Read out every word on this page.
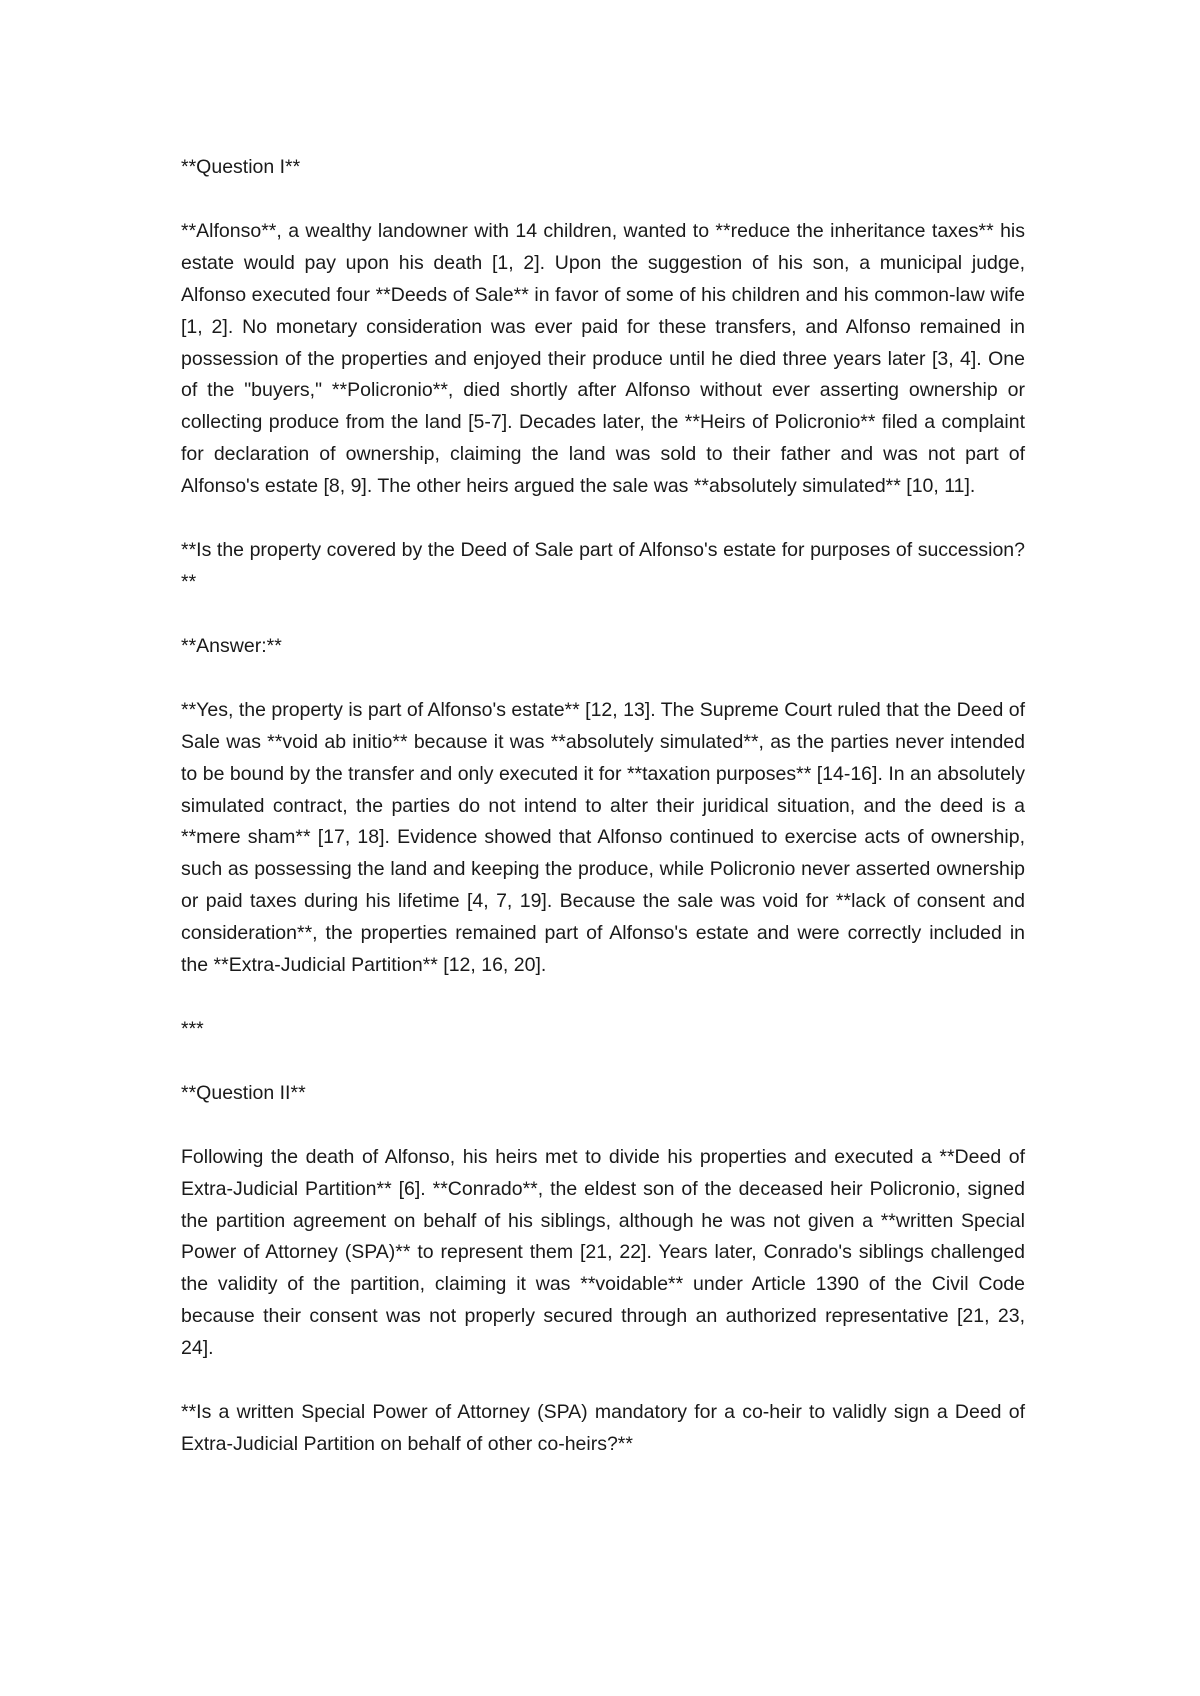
**Question I**

**Alfonso**, a wealthy landowner with 14 children, wanted to **reduce the inheritance taxes** his estate would pay upon his death [1, 2]. Upon the suggestion of his son, a municipal judge, Alfonso executed four **Deeds of Sale** in favor of some of his children and his common-law wife [1, 2]. No monetary consideration was ever paid for these transfers, and Alfonso remained in possession of the properties and enjoyed their produce until he died three years later [3, 4]. One of the "buyers," **Policronio**, died shortly after Alfonso without ever asserting ownership or collecting produce from the land [5-7]. Decades later, the **Heirs of Policronio** filed a complaint for declaration of ownership, claiming the land was sold to their father and was not part of Alfonso's estate [8, 9]. The other heirs argued the sale was **absolutely simulated** [10, 11].

**Is the property covered by the Deed of Sale part of Alfonso's estate for purposes of succession?**

**Answer:**

**Yes, the property is part of Alfonso's estate** [12, 13]. The Supreme Court ruled that the Deed of Sale was **void ab initio** because it was **absolutely simulated**, as the parties never intended to be bound by the transfer and only executed it for **taxation purposes** [14-16]. In an absolutely simulated contract, the parties do not intend to alter their juridical situation, and the deed is a **mere sham** [17, 18]. Evidence showed that Alfonso continued to exercise acts of ownership, such as possessing the land and keeping the produce, while Policronio never asserted ownership or paid taxes during his lifetime [4, 7, 19]. Because the sale was void for **lack of consent and consideration**, the properties remained part of Alfonso's estate and were correctly included in the **Extra-Judicial Partition** [12, 16, 20].

***

**Question II**

Following the death of Alfonso, his heirs met to divide his properties and executed a **Deed of Extra-Judicial Partition** [6]. **Conrado**, the eldest son of the deceased heir Policronio, signed the partition agreement on behalf of his siblings, although he was not given a **written Special Power of Attorney (SPA)** to represent them [21, 22]. Years later, Conrado's siblings challenged the validity of the partition, claiming it was **voidable** under Article 1390 of the Civil Code because their consent was not properly secured through an authorized representative [21, 23, 24].

**Is a written Special Power of Attorney (SPA) mandatory for a co-heir to validly sign a Deed of Extra-Judicial Partition on behalf of other co-heirs?**
